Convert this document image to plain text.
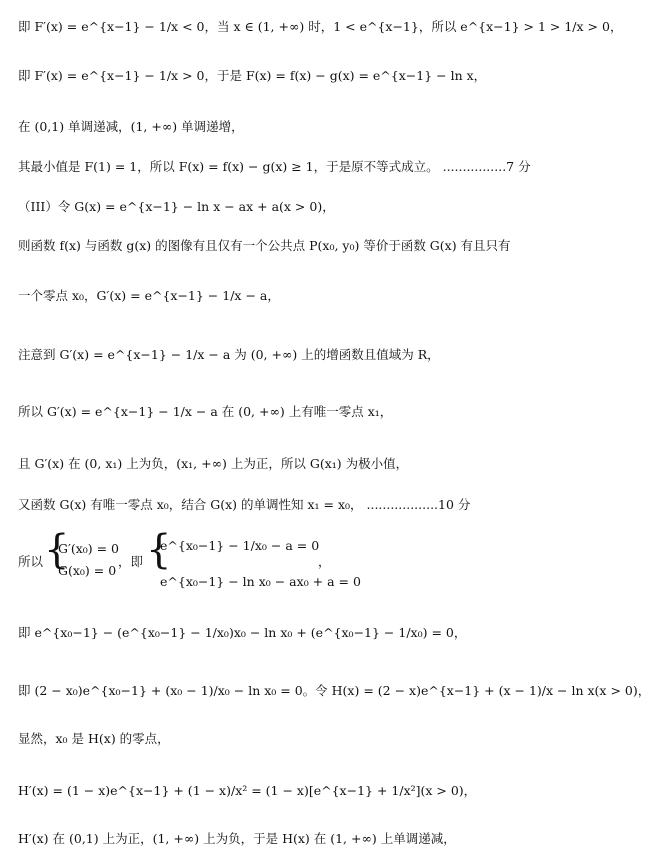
即 F′(x) = e^{x−1} − 1/x < 0，当 x ∈ (1, +∞) 时，1 < e^{x−1}，所以 e^{x−1} > 1 > 1/x > 0，
即 F′(x) = e^{x−1} − 1/x > 0，于是 F(x) = f(x) − g(x) = e^{x−1} − ln x，
在 (0,1) 单调递减，(1, +∞) 单调递增，
其最小值是 F(1) = 1，所以 F(x) = f(x) − g(x) ≥ 1，于是原不等式成立。 ................7 分
（III）令 G(x) = e^{x−1} − ln x − ax + a(x > 0)，
则函数 f(x) 与函数 g(x) 的图像有且仅有一个公共点 P(x₀, y₀) 等价于函数 G(x) 有且只有
一个零点 x₀，G′(x) = e^{x−1} − 1/x − a，
注意到 G′(x) = e^{x−1} − 1/x − a 为 (0, +∞) 上的增函数且值域为 R，
所以 G′(x) = e^{x−1} − 1/x − a 在 (0, +∞) 上有唯一零点 x₁，
且 G′(x) 在 (0, x₁) 上为负，(x₁, +∞) 上为正，所以 G(x₁) 为极小值，
又函数 G(x) 有唯一零点 x₀，结合 G(x) 的单调性知 x₁ = x₀， ..................10 分
所以 {
G′(x₀) = 0
G(x₀) = 0
，即 {
e^{x₀−1} − 1/x₀ − a = 0
e^{x₀−1} − ln x₀ − ax₀ + a = 0
，
即 e^{x₀−1} − (e^{x₀−1} − 1/x₀)x₀ − ln x₀ + (e^{x₀−1} − 1/x₀) = 0，
即 (2 − x₀)e^{x₀−1} + (x₀ − 1)/x₀ − ln x₀ = 0。令 H(x) = (2 − x)e^{x−1} + (x − 1)/x − ln x(x > 0)，
显然，x₀ 是 H(x) 的零点，
H′(x) = (1 − x)e^{x−1} + (1 − x)/x² = (1 − x)[e^{x−1} + 1/x²](x > 0)，
H′(x) 在 (0,1) 上为正，(1, +∞) 上为负，于是 H(x) 在 (1, +∞) 上单调递减，
